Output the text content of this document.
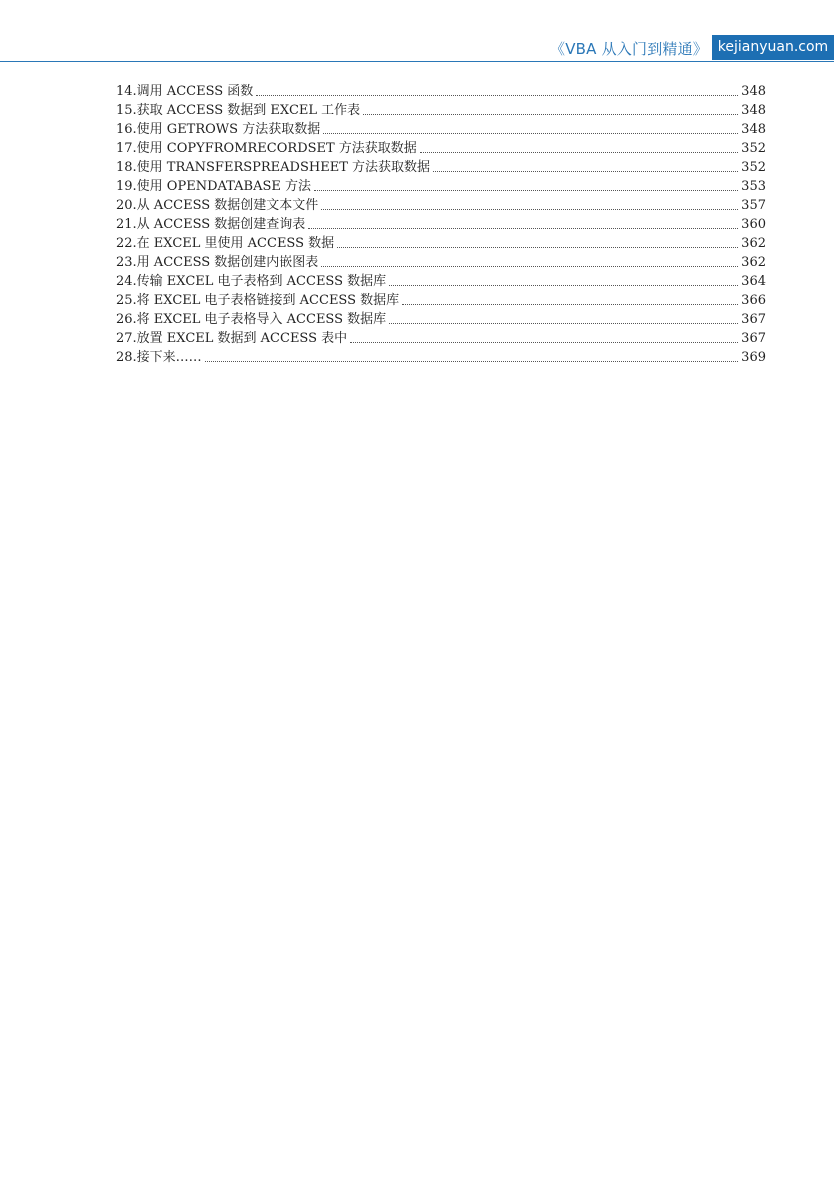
《VBA 从入门到精通》 kejianyuan.com
14.调用 ACCESS 函数	348
15.获取 ACCESS 数据到 EXCEL 工作表	348
16.使用 GETROWS 方法获取数据	348
17.使用 COPYFROMRECORDSET 方法获取数据	352
18.使用 TRANSFERSPREADSHEET 方法获取数据	352
19.使用 OPENDATABASE 方法	353
20.从 ACCESS 数据创建文本文件	357
21.从 ACCESS 数据创建查询表	360
22.在 EXCEL 里使用 ACCESS 数据	362
23.用 ACCESS 数据创建内嵌图表	362
24.传输 EXCEL 电子表格到 ACCESS 数据库	364
25.将 EXCEL 电子表格链接到 ACCESS 数据库	366
26.将 EXCEL 电子表格导入 ACCESS 数据库	367
27.放置 EXCEL 数据到 ACCESS 表中	367
28.接下来……	369
